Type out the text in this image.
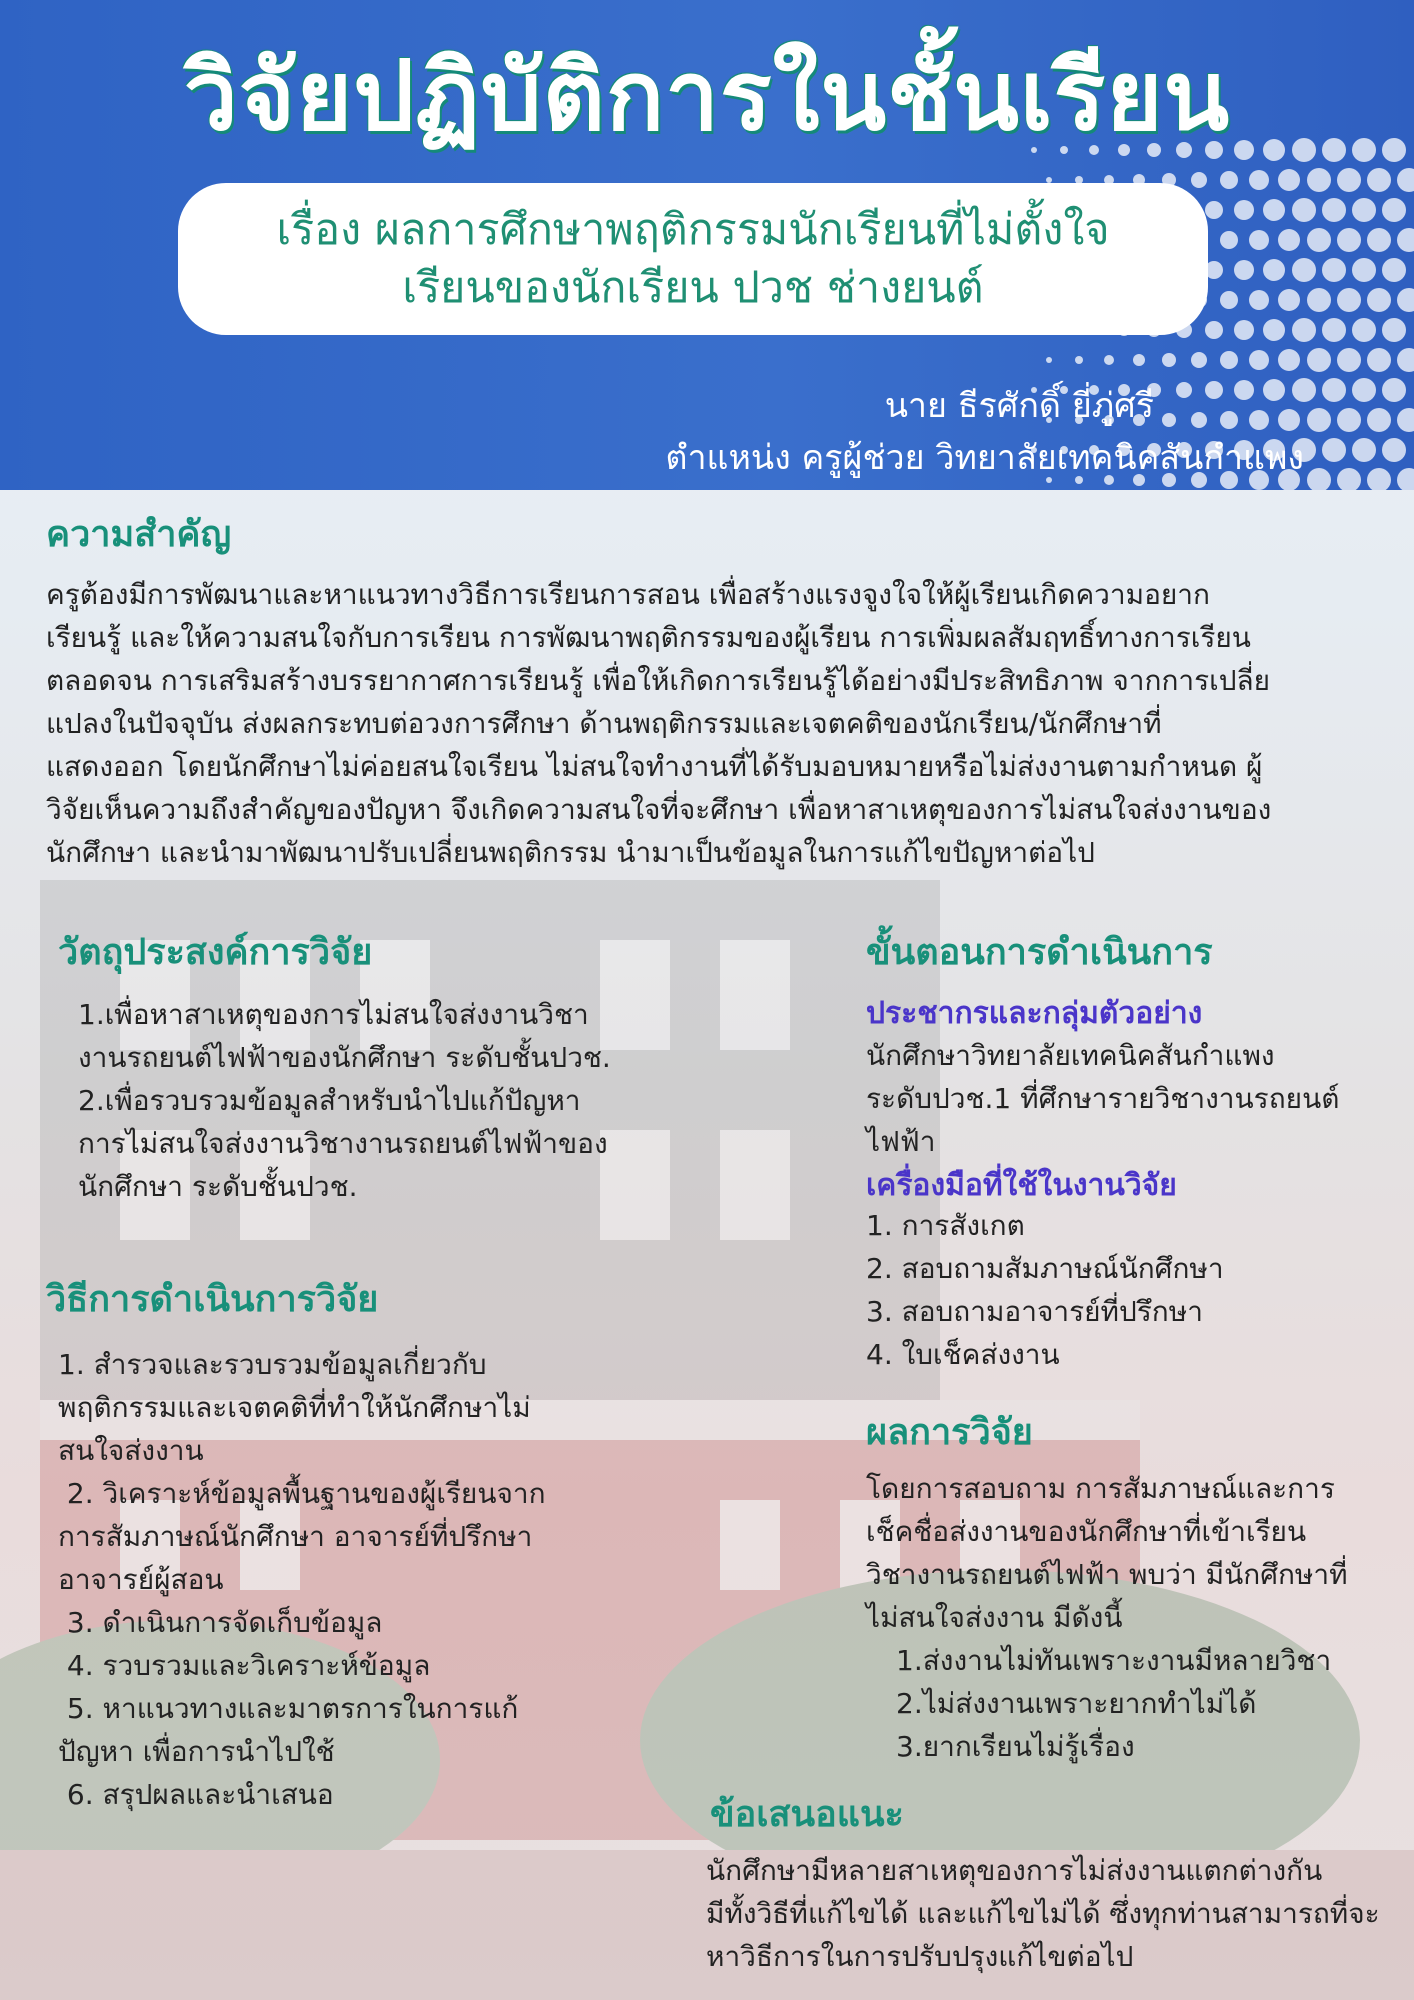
วิจัยปฏิบัติการในชั้นเรียน
เรื่อง ผลการศึกษาพฤติกรรมนักเรียนที่ไม่ตั้งใจ
เรียนของนักเรียน ปวช ช่างยนต์
นาย ธีรศักดิ์ ยี่ภู่ศรี
ตำแหน่ง ครูผู้ช่วย วิทยาลัยเทคนิคสันกำแพง
ความสำคัญ
ครูต้องมีการพัฒนาและหาแนวทางวิธีการเรียนการสอน เพื่อสร้างแรงจูงใจให้ผู้เรียนเกิดความอยาก
เรียนรู้ และให้ความสนใจกับการเรียน การพัฒนาพฤติกรรมของผู้เรียน การเพิ่มผลสัมฤทธิ์ทางการเรียน
ตลอดจน การเสริมสร้างบรรยากาศการเรียนรู้ เพื่อให้เกิดการเรียนรู้ได้อย่างมีประสิทธิภาพ จากการเปลี่ย
แปลงในปัจจุบัน ส่งผลกระทบต่อวงการศึกษา ด้านพฤติกรรมและเจตคติของนักเรียน/นักศึกษาที่
แสดงออก โดยนักศึกษาไม่ค่อยสนใจเรียน ไม่สนใจทำงานที่ได้รับมอบหมายหรือไม่ส่งงานตามกำหนด ผู้
วิจัยเห็นความถึงสำคัญของปัญหา จึงเกิดความสนใจที่จะศึกษา เพื่อหาสาเหตุของการไม่สนใจส่งงานของ
นักศึกษา และนำมาพัฒนาปรับเปลี่ยนพฤติกรรม นำมาเป็นข้อมูลในการแก้ไขปัญหาต่อไป
วัตถุประสงค์การวิจัย
1.เพื่อหาสาเหตุของการไม่สนใจส่งงานวิชา
งานรถยนต์ไฟฟ้าของนักศึกษา ระดับชั้นปวช.
2.เพื่อรวบรวมข้อมูลสำหรับนำไปแก้ปัญหา
การไม่สนใจส่งงานวิชางานรถยนต์ไฟฟ้าของ
นักศึกษา ระดับชั้นปวช.
วิธีการดำเนินการวิจัย
1. สำรวจและรวบรวมข้อมูลเกี่ยวกับ
พฤติกรรมและเจตคติที่ทำให้นักศึกษาไม่
สนใจส่งงาน
2. วิเคราะห์ข้อมูลพื้นฐานของผู้เรียนจาก
การสัมภาษณ์นักศึกษา อาจารย์ที่ปรึกษา
อาจารย์ผู้สอน
3. ดำเนินการจัดเก็บข้อมูล
4. รวบรวมและวิเคราะห์ข้อมูล
5. หาแนวทางและมาตรการในการแก้
ปัญหา เพื่อการนำไปใช้
6. สรุปผลและนำเสนอ
ขั้นตอนการดำเนินการ
ประชากรและกลุ่มตัวอย่าง
นักศึกษาวิทยาลัยเทคนิคสันกำแพง
ระดับปวช.1 ที่ศึกษารายวิชางานรถยนต์
ไฟฟ้า
เครื่องมือที่ใช้ในงานวิจัย
1. การสังเกต
2. สอบถามสัมภาษณ์นักศึกษา
3. สอบถามอาจารย์ที่ปรึกษา
4. ใบเช็คส่งงาน
ผลการวิจัย
โดยการสอบถาม การสัมภาษณ์และการ
เช็คชื่อส่งงานของนักศึกษาที่เข้าเรียน
วิชางานรถยนต์ไฟฟ้า พบว่า มีนักศึกษาที่
ไม่สนใจส่งงาน มีดังนี้
1.ส่งงานไม่ทันเพราะงานมีหลายวิชา
2.ไม่ส่งงานเพราะยากทำไม่ได้
3.ยากเรียนไม่รู้เรื่อง
ข้อเสนอแนะ
นักศึกษามีหลายสาเหตุของการไม่ส่งงานแตกต่างกัน
มีทั้งวิธีที่แก้ไขได้ และแก้ไขไม่ได้ ซึ่งทุกท่านสามารถที่จะ
หาวิธีการในการปรับปรุงแก้ไขต่อไป
